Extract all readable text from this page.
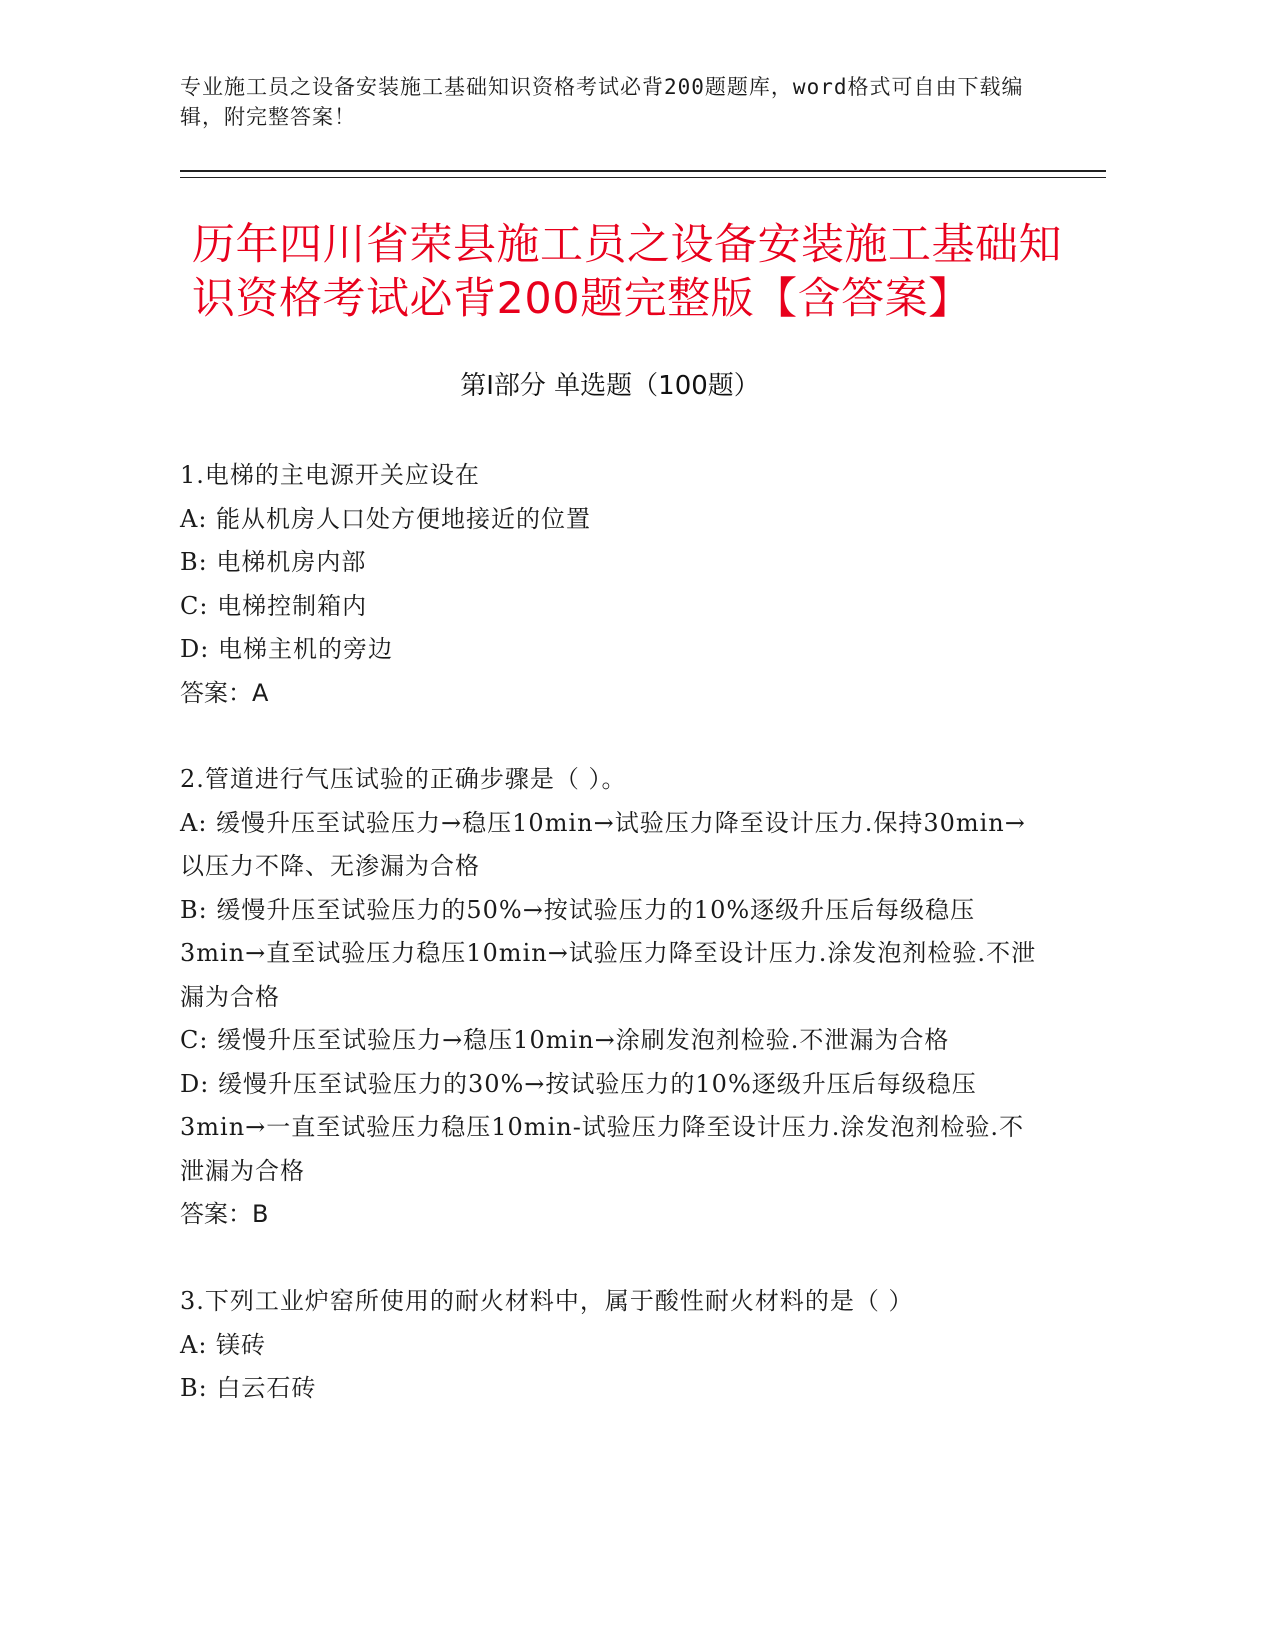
专业施工员之设备安装施工基础知识资格考试必背200题题库，word格式可自由下载编辑，附完整答案！
历年四川省荣县施工员之设备安装施工基础知识资格考试必背200题完整版【含答案】
第Ⅰ部分 单选题（100题）

1.电梯的主电源开关应设在

A: 能从机房人口处方便地接近的位置

B: 电梯机房内部

C: 电梯控制箱内

D: 电梯主机的旁边

答案：A

2.管道进行气压试验的正确步骤是（ ）。

A: 缓慢升压至试验压力→稳压10min→试验压力降至设计压力.保持30min→以压力不降、无渗漏为合格

B: 缓慢升压至试验压力的50%→按试验压力的10%逐级升压后每级稳压3min→直至试验压力稳压10min→试验压力降至设计压力.涂发泡剂检验.不泄漏为合格

C: 缓慢升压至试验压力→稳压10min→涂刷发泡剂检验.不泄漏为合格

D: 缓慢升压至试验压力的30%→按试验压力的10%逐级升压后每级稳压3min→一直至试验压力稳压10min-试验压力降至设计压力.涂发泡剂检验.不泄漏为合格

答案：B

3.下列工业炉窑所使用的耐火材料中，属于酸性耐火材料的是（ ）

A: 镁砖

B: 白云石砖
